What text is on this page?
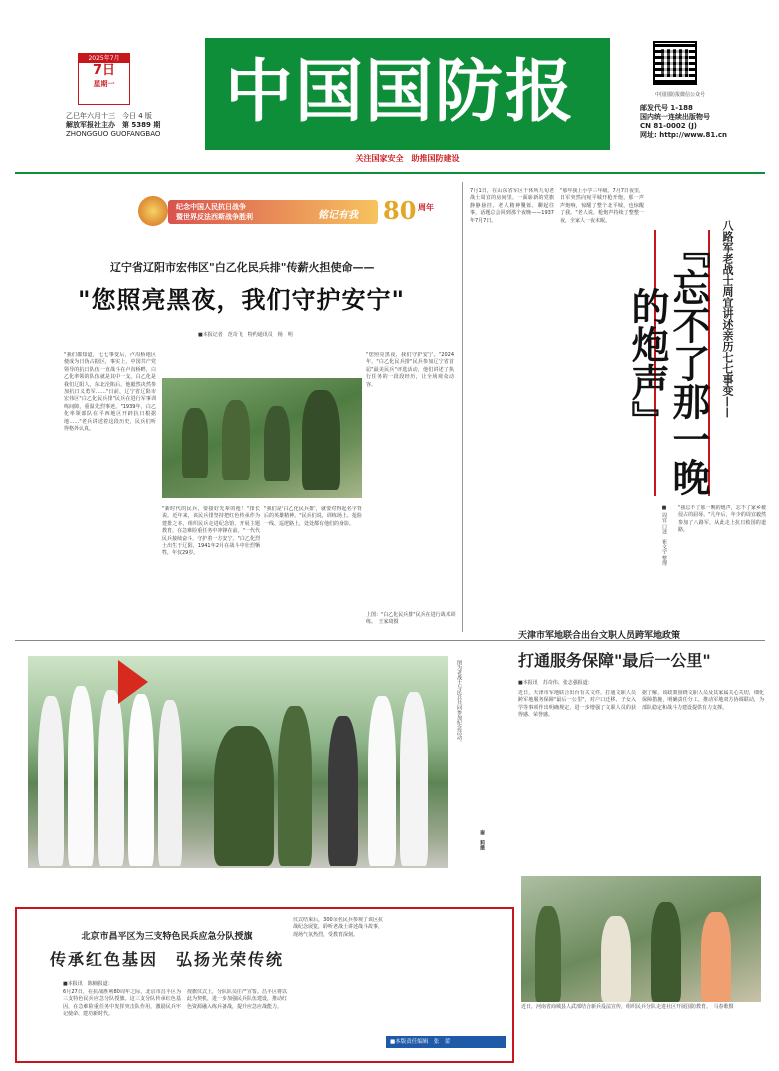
2025年7月
7日
星期一
乙巳年六月十三　 今日 4 版
解放军报社主办　 第 5389 期
ZHONGGUO GUOFANGBAO
中国国防报
关注国家安全　助推国防建设
中国国防报微信公众号
邮发代号 1-188
国内统一连续出版物号
CN 81-0002 (J)
网址: http://www.81.cn
纪念中国人民抗日战争
暨世界反法西斯战争胜利	铭记有我 80 周年
辽宁省辽阳市宏伟区"白乙化民兵排"传薪火担使命——
"您照亮黑夜，我们守护安宁"
■本报记者　范奇飞　特约通讯员　杨　明
"我们都知道，七七事变后，卢沟桥地区便成为日伪占据区，事实上，中国共产党领导的抗日队伍一直战斗在卢沟桥畔，白乙化率领的队伍就是其中一支。白乙化是我们辽阳人，东北沦陷后，他毅然决然参加抗日义勇军……"日前，辽宁省辽阳市宏伟区"白乙化民兵排"民兵在进行军事训练间隙，重温先烈事迹。"1939年，白乙化率领部队在平西地区开辟抗日根据地……"老兵讲述着这段历史，民兵们听得格外认真。
"新时代的民兵，要接好先辈的枪！"排长说。近年来，该民兵排坚持把红色传承作为建排之本，组织民兵走进纪念馆、开展主题教育，在急难险重任务中冲锋在前。"一代代民兵接续奋斗，守护着一方安宁。"白乙化烈士出生于辽阳，1941年2月在战斗中壮烈牺牲，年仅29岁。
"我们是'白乙化民兵排'，就要对得起名字背后的英雄精神。"民兵们说，训练场上、抢险一线、巡逻路上，处处都有他们的身影。
"您照亮黑夜，我们守护安宁。"2024年，"白乙化民兵排"民兵参加辽宁省首届"最美民兵"评选活动，他们讲述了执行任务的一段段经历，让全场观众动容。
上图："白乙化民兵排"民兵在进行战术训练。　王家琦摄
7月1日，在山东省军区干休所九旬老战士周宜的房间里，一面崭新的党旗静静悬挂。老人精神矍铄，聊起往事，话题总会回到那个夜晚——1937年7月7日。
"那年我上小学三年级。7月7日夜里，日军突然向宛平城开枪开炮，那一声声炮响，惊醒了整个北平城，也惊醒了我。"老人说，枪炮声持续了整整一夜，全家人一夜未眠。
『忘不了那一晚的炮声』	八路军老战士周宜讲述亲历七七事变——
■ 周宜 口述　崔文宇 整理 "我忘不了那一晚的炮声，忘不了家乡被侵占的屈辱。"几年后，年少的周宜毅然参加了八路军，从此走上抗日救国的道路。
图为老战士与民兵共同参加纪念活动。
秦　莉摄
天津市军地联合出台文职人员跨军地政策
打通服务保障"最后一公里"
■本报讯　苏奇伟、张志强报道：
近日，天津市军地联合出台有关文件，打通文职人员跨军地服务保障"最后一公里"，对户口迁移、子女入学等事项作出明确规定，进一步增强了文职人员的获得感、荣誉感。
据了解，该政策围绕文职人员及其家属关心关切，细化保障措施，明确责任分工，推动军地双方协调联动，为部队稳定和战斗力建设提供有力支撑。
近日，河南省商城县人武部结合新兵役法宣传，组织民兵分队走进社区开展国防教育。　马春歌摄
北京市昌平区为三支特色民兵应急分队授旗
传承红色基因　弘扬光荣传统
■本报讯　陈楠报道：
6月27日，在抗战胜利80周年之际，北京市昌平区为三支特色民兵应急分队授旗。这三支分队传承红色基因，在急难险重任务中发挥突击队作用，激励民兵牢记使命、建功新时代。
授旗仪式上，分队队员庄严宣誓。昌平区将以此为契机，进一步加强民兵队伍建设，推动红色资源融入练兵备战，提升应急应战能力。
仪式结束后，300余名民兵参观了该区抗战纪念展览，聆听老战士讲述战斗故事，现场气氛热烈，受教育深刻。
■本版责任编辑　张　蕾
